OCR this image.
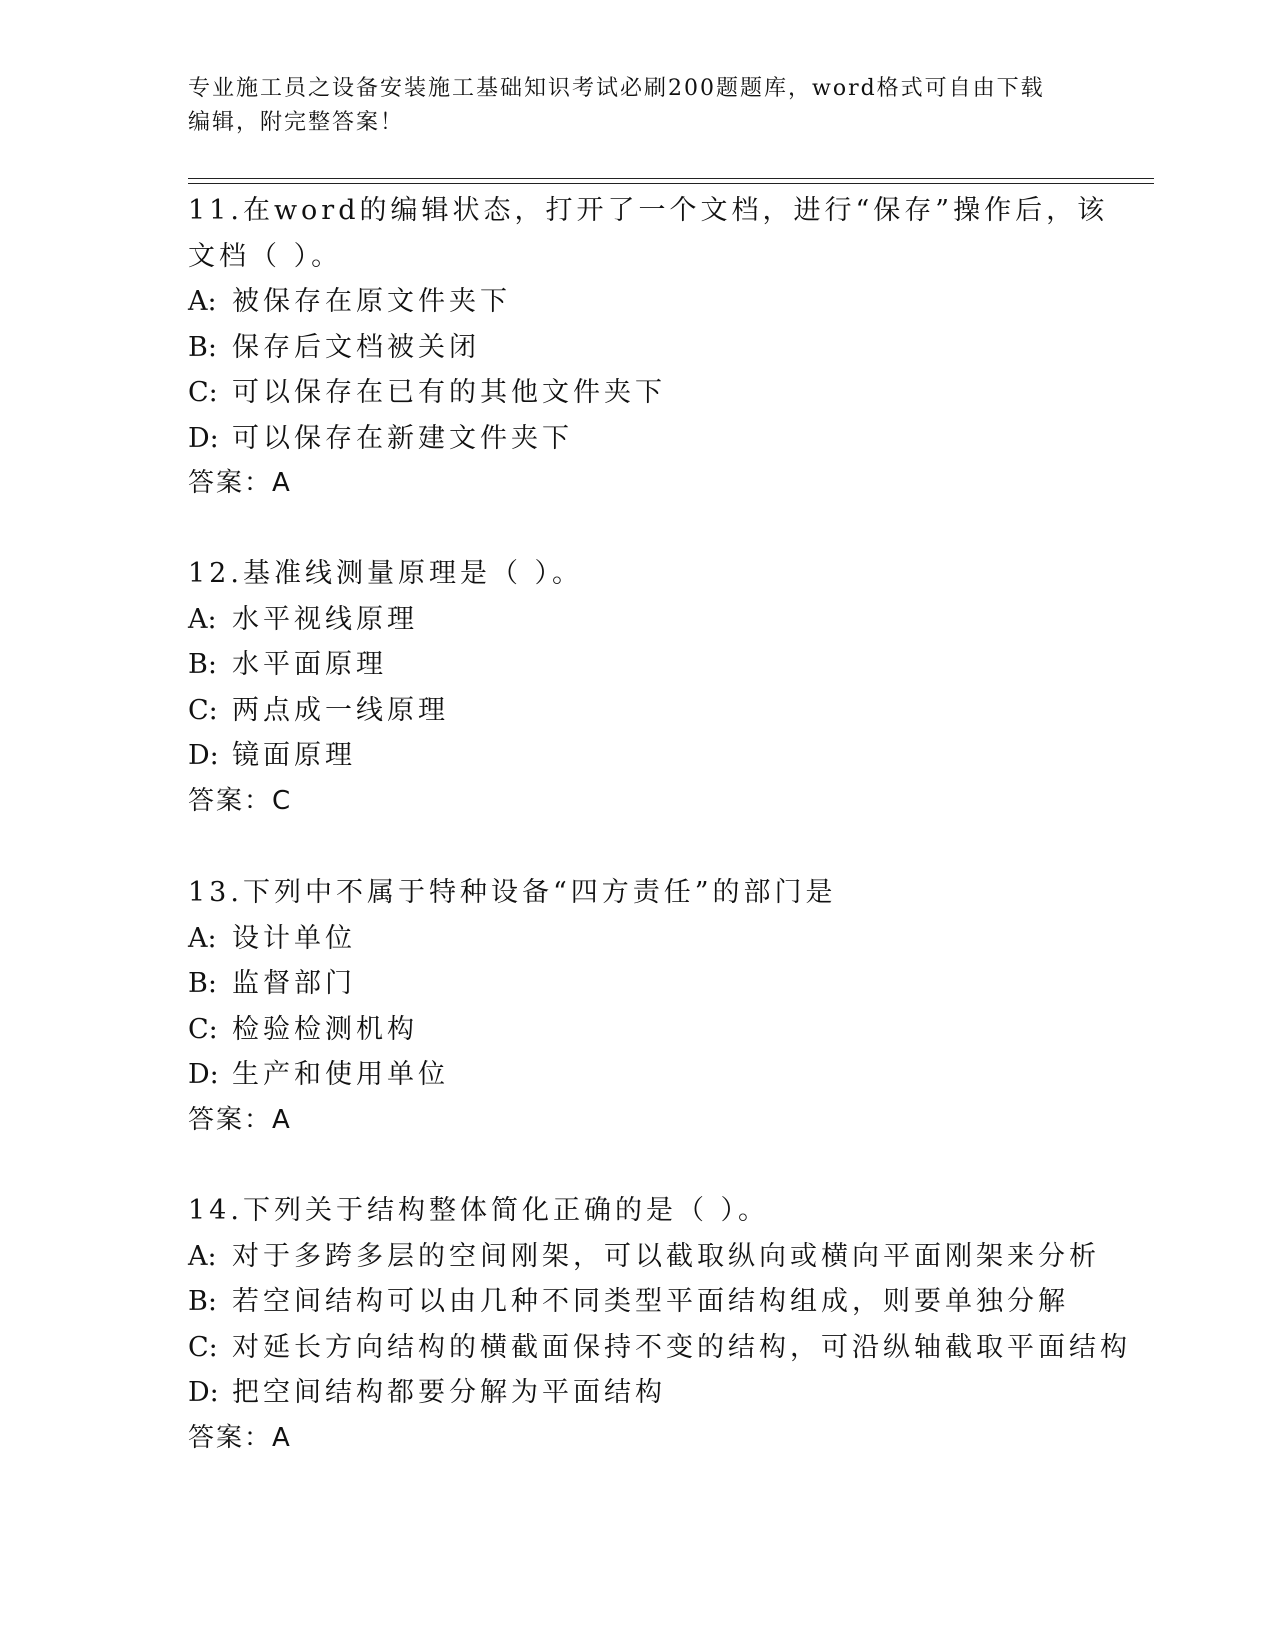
专业施工员之设备安装施工基础知识考试必刷200题题库，word格式可自由下载
编辑，附完整答案！
11.在word的编辑状态，打开了一个文档，进行“保存”操作后，该
文档（ ）。
A: 被保存在原文件夹下
B: 保存后文档被关闭
C: 可以保存在已有的其他文件夹下
D: 可以保存在新建文件夹下
答案：A
12.基准线测量原理是（ ）。
A: 水平视线原理
B: 水平面原理
C: 两点成一线原理
D: 镜面原理
答案：C
13.下列中不属于特种设备“四方责任”的部门是
A: 设计单位
B: 监督部门
C: 检验检测机构
D: 生产和使用单位
答案：A
14.下列关于结构整体简化正确的是（ ）。
A: 对于多跨多层的空间刚架，可以截取纵向或横向平面刚架来分析
B: 若空间结构可以由几种不同类型平面结构组成，则要单独分解
C: 对延长方向结构的横截面保持不变的结构，可沿纵轴截取平面结构
D: 把空间结构都要分解为平面结构
答案：A
